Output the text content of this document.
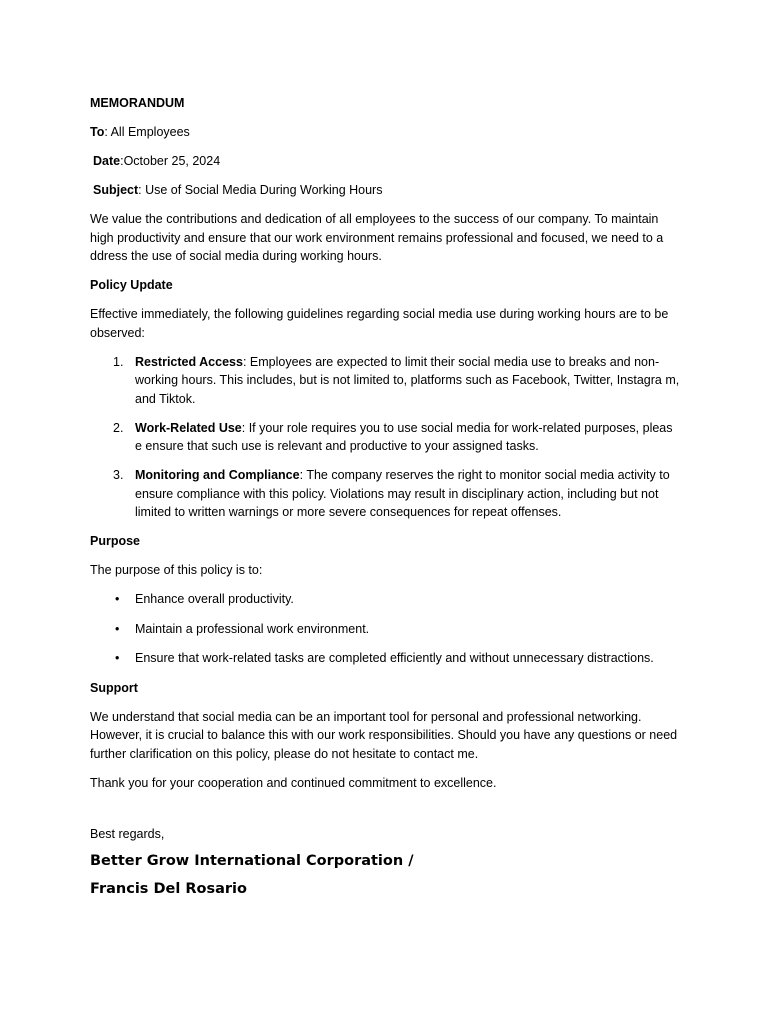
MEMORANDUM

To: All Employees

Date:October 25, 2024

Subject: Use of Social Media During Working Hours

We value the contributions and dedication of all employees to the success of our company. To maintain high productivity and ensure that our work environment remains professional and focused, we need to a ddress the use of social media during working hours.

Policy Update

Effective immediately, the following guidelines regarding social media use during working hours are to be observed:

1. Restricted Access: Employees are expected to limit their social media use to breaks and non-working hours. This includes, but is not limited to, platforms such as Facebook, Twitter, Instagra m, and Tiktok.
2. Work-Related Use: If your role requires you to use social media for work-related purposes, pleas e ensure that such use is relevant and productive to your assigned tasks.
3. Monitoring and Compliance: The company reserves the right to monitor social media activity to ensure compliance with this policy. Violations may result in disciplinary action, including but not limited to written warnings or more severe consequences for repeat offenses.

Purpose

The purpose of this policy is to:

• Enhance overall productivity.
• Maintain a professional work environment.
• Ensure that work-related tasks are completed efficiently and without unnecessary distractions.

Support

We understand that social media can be an important tool for personal and professional networking. However, it is crucial to balance this with our work responsibilities. Should you have any questions or need further clarification on this policy, please do not hesitate to contact me.

Thank you for your cooperation and continued commitment to excellence.

Best regards,

Better Grow International Corporation /

Francis Del Rosario
